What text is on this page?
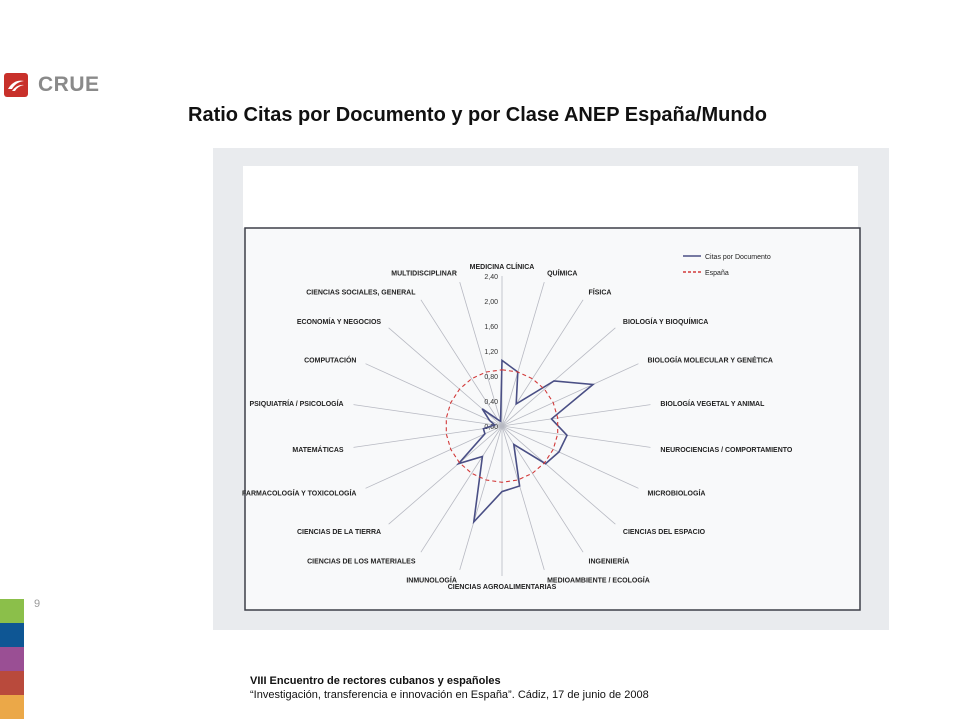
CRUE
Ratio Citas por Documento y por Clase ANEP España/Mundo
0,00
0,40
0,80
1,20
1,60
2,00
2,40
MEDICINA CLÍNICA
QUÍMICA
FÍSICA
BIOLOGÍA Y BIOQUÍMICA
BIOLOGÍA MOLECULAR Y GENÉTICA
BIOLOGÍA VEGETAL Y ANIMAL
NEUROCIENCIAS / COMPORTAMIENTO
MICROBIOLOGÍA
CIENCIAS DEL ESPACIO
INGENIERÍA
MEDIOAMBIENTE / ECOLOGÍA
CIENCIAS AGROALIMENTARIAS
INMUNOLOGÍA
CIENCIAS DE LOS MATERIALES
CIENCIAS DE LA TIERRA
FARMACOLOGÍA Y TOXICOLOGÍA
MATEMÁTICAS
PSIQUIATRÍA / PSICOLOGÍA
COMPUTACIÓN
ECONOMÍA Y NEGOCIOS
CIENCIAS SOCIALES, GENERAL
MULTIDISCIPLINAR
Citas por Documento
España
9
VIII Encuentro de rectores cubanos y españoles
“Investigación, transferencia e innovación en España”. Cádiz, 17 de junio de 2008
